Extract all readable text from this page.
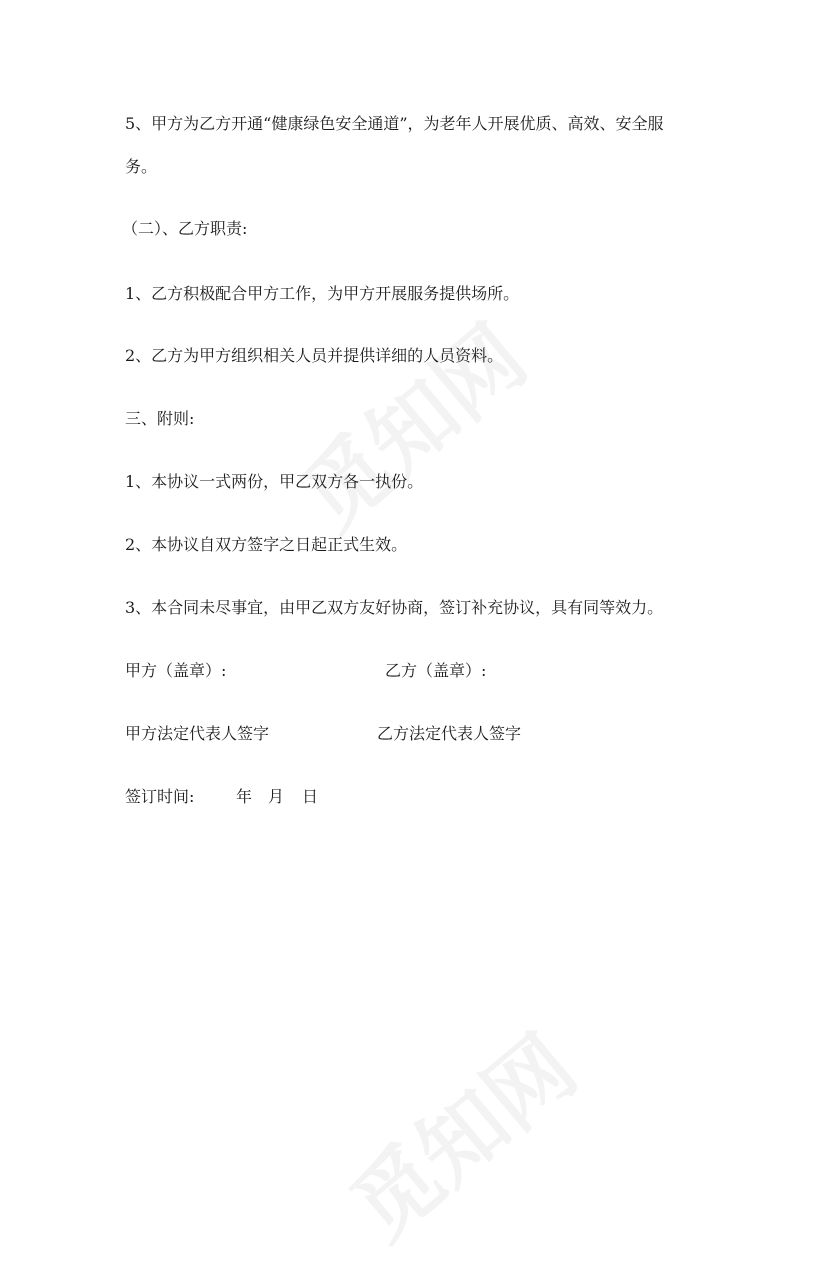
5、甲方为乙方开通“健康绿色安全通道”，为老年人开展优质、高效、安全服
务。
（二）、乙方职责:
1、乙方积极配合甲方工作，为甲方开展服务提供场所。
2、乙方为甲方组织相关人员并提供详细的人员资料。
三、附则:
1、本协议一式两份，甲乙双方各一执份。
2、本协议自双方签字之日起正式生效。
3、本合同未尽事宜，由甲乙双方友好协商，签订补充协议，具有同等效力。
甲方（盖章）:	乙方（盖章）:
甲方法定代表人签字	乙方法定代表人签字
签订时间:	年 月 日
